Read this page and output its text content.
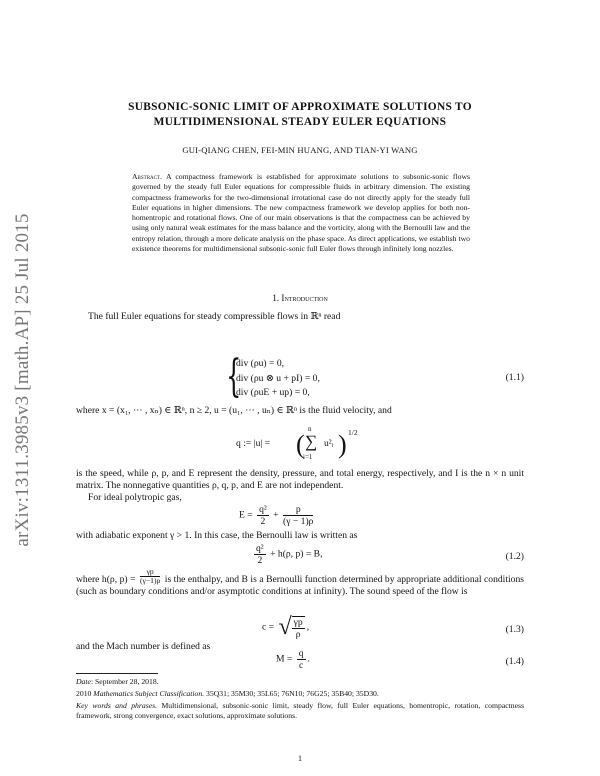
arXiv:1311.3985v3 [math.AP] 25 Jul 2015
SUBSONIC-SONIC LIMIT OF APPROXIMATE SOLUTIONS TO
MULTIDIMENSIONAL STEADY EULER EQUATIONS
GUI-QIANG CHEN, FEI-MIN HUANG, AND TIAN-YI WANG
Abstract. A compactness framework is established for approximate solutions to subsonic-sonic flows governed by the steady full Euler equations for compressible fluids in arbitrary dimension. The existing compactness frameworks for the two-dimensional irrotational case do not directly apply for the steady full Euler equations in higher dimensions. The new compactness framework we develop applies for both non-homentropic and rotational flows. One of our main observations is that the compactness can be achieved by using only natural weak estimates for the mass balance and the vorticity, along with the Bernoulli law and the entropy relation, through a more delicate analysis on the phase space. As direct applications, we establish two existence theorems for multidimensional subsonic-sonic full Euler flows through infinitely long nozzles.
1. Introduction
The full Euler equations for steady compressible flows in ℝⁿ read
{
div (ρu) = 0,
div (ρu ⊗ u + pI) = 0,
div (ρuE + up) = 0,
(1.1)
where x = (x₁, ··· , xₙ) ∈ ℝⁿ, n ≥ 2, u = (u₁, ··· , uₙ) ∈ ℝⁿ is the fluid velocity, and
q := |u| = (
n
∑
i=1
u²ᵢ ) 1/2
is the speed, while ρ, p, and E represent the density, pressure, and total energy, respectively, and I is the n × n unit matrix. The nonnegative quantities ρ, q, p, and E are not independent.
For ideal polytropic gas,
$E = \frac{\text{q²}}{2} + \frac{p}{(\gamma - 1)\rho}$
with adiabatic exponent γ > 1. In this case, the Bernoulli law is written as
$\frac{\text{q²}}{2} + h(\rho$, p) = B,	(1.2)
where h(ρ, $p) = \frac{\gamma p}{(\gamma-1)\rho}$ is the enthalpy, and B is a Bernoulli function determined by appropriate additional conditions (such as boundary conditions and/or asymptotic conditions at infinity). The sound speed of the flow is
c = √ $\frac{\gamma p}{\rho}$ ,	(1.3)
and the Mach number is defined as
$M = \frac{q}{c}$ .	(1.4)
Date: September 28, 2018.
2010 Mathematics Subject Classification. 35Q31; 35M30; 35L65; 76N10; 76G25; 35B40; 35D30.
Key words and phrases. Multidimensional, subsonic-sonic limit, steady flow, full Euler equations, homentropic, rotation, compactness framework, strong convergence, exact solutions, approximate solutions.
1
